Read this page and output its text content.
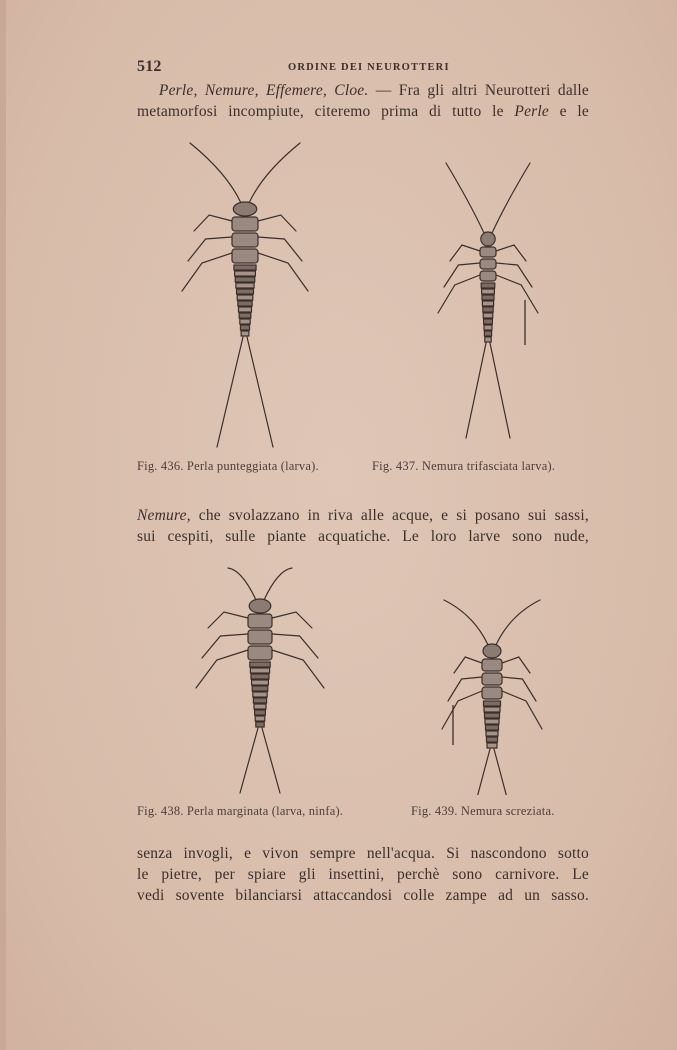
512	ORDINE DEI NEUROTTERI
Perle, Nemure, Effemere, Cloe. — Fra gli altri Neurotteri dalle
metamorfosi incompiute, citeremo prima di tutto le Perle e le
Fig. 436. Perla punteggiata (larva).	Fig. 437. Nemura trifasciata larva).
Nemure, che svolazzano in riva alle acque, e si posano sui sassi,
sui cespiti, sulle piante acquatiche. Le loro larve sono nude,
Fig. 438. Perla marginata (larva, ninfa).	Fig. 439. Nemura screziata.
senza invogli, e vivon sempre nell'acqua. Si nascondono sotto
le pietre, per spiare gli insettini, perchè sono carnivore. Le
vedi sovente bilanciarsi attaccandosi colle zampe ad un sasso.
